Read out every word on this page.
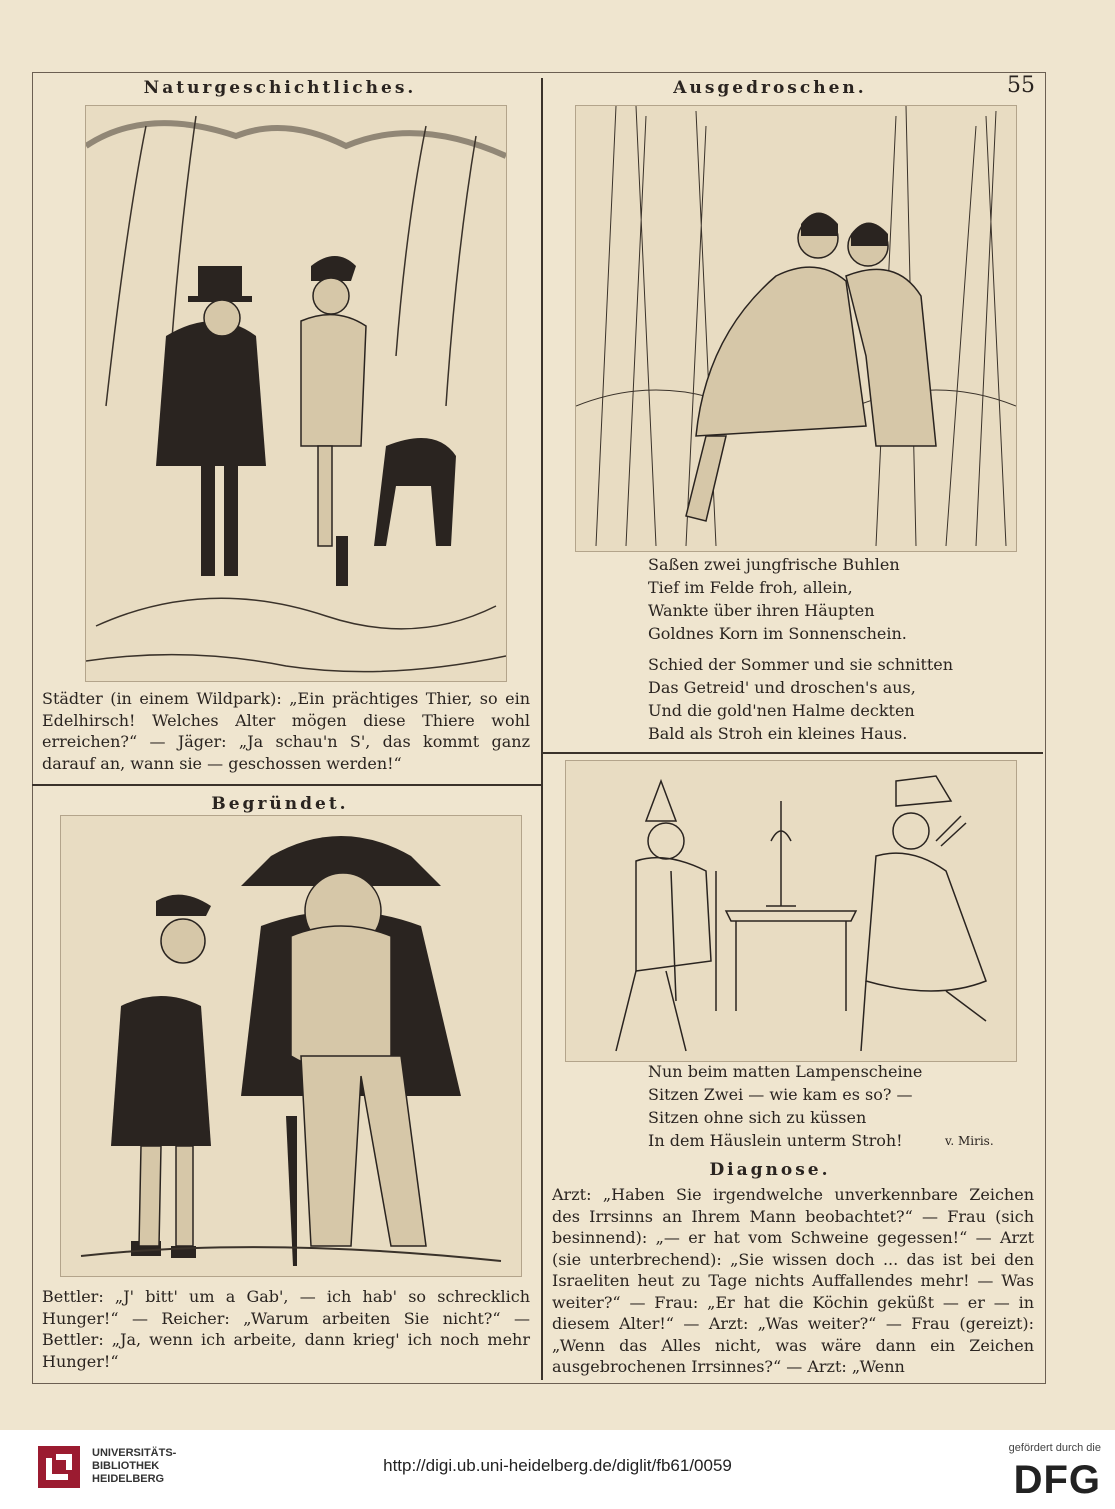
Naturgeschichtliches.
Städter (in einem Wildpark): „Ein prächtiges Thier, so ein Edelhirsch! Welches Alter mögen diese Thiere wohl erreichen?“ — Jäger: „Ja schau'n S', das kommt ganz darauf an, wann sie — geschossen werden!“
Begründet.
Bettler: „J' bitt' um a Gab', — ich hab' so schrecklich Hunger!“ — Reicher: „Warum arbeiten Sie nicht?“ — Bettler: „Ja, wenn ich arbeite, dann krieg' ich noch mehr Hunger!“
Ausgedroschen.	55
Saßen zwei jungfrische Buhlen
Tief im Felde froh, allein,
Wankte über ihren Häupten
Goldnes Korn im Sonnenschein.
Schied der Sommer und sie schnitten
Das Getreid' und droschen's aus,
Und die gold'nen Halme deckten
Bald als Stroh ein kleines Haus.
Nun beim matten Lampenscheine
Sitzen Zwei — wie kam es so? —
Sitzen ohne sich zu küssen
In dem Häuslein unterm Stroh!	v. Miris.
Diagnose.
Arzt: „Haben Sie irgendwelche unverkennbare Zeichen des Irrsinns an Ihrem Mann beobachtet?“ — Frau (sich besinnend): „— er hat vom Schweine gegessen!“ — Arzt (sie unterbrechend): „Sie wissen doch ... das ist bei den Israeliten heut zu Tage nichts Auffallendes mehr! — Was weiter?“ — Frau: „Er hat die Köchin geküßt — er — in diesem Alter!“ — Arzt: „Was weiter?“ — Frau (gereizt): „Wenn das Alles nicht, was wäre dann ein Zeichen ausgebrochenen Irrsinnes?“ — Arzt: „Wenn
UNIVERSITÄTS-
BIBLIOTHEK
HEIDELBERG
http://digi.ub.uni-heidelberg.de/diglit/fb61/0059
gefördert durch die
DFG
